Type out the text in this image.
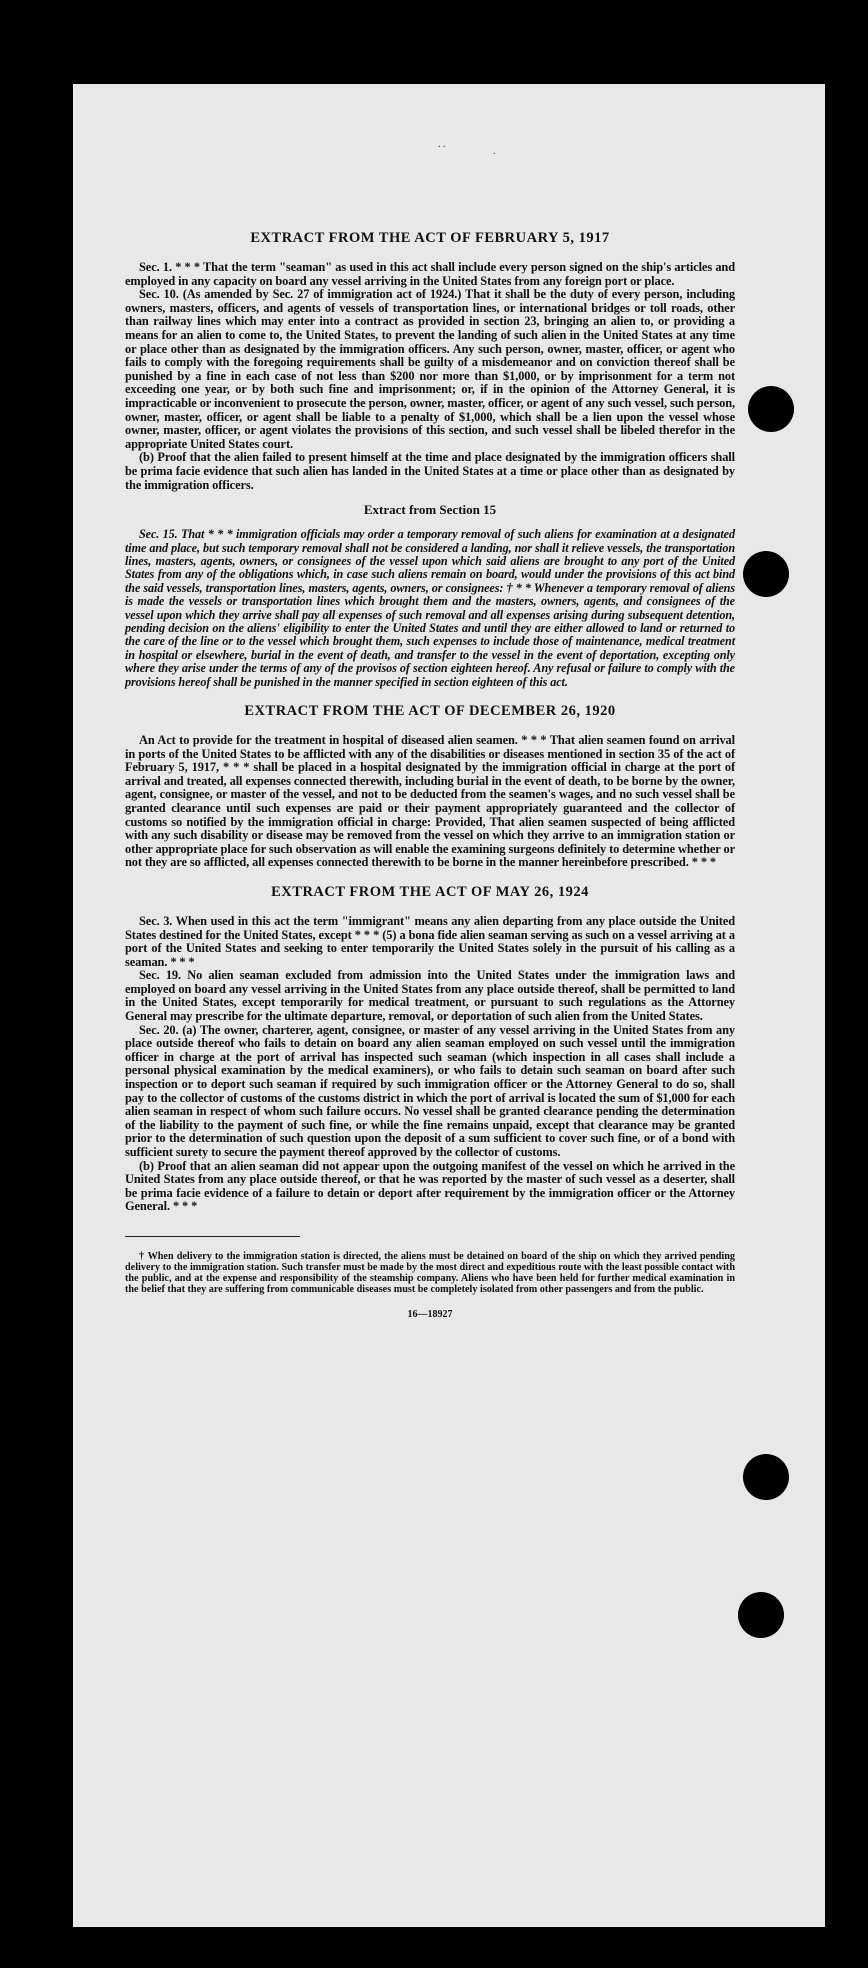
. .
.
EXTRACT FROM THE ACT OF FEBRUARY 5, 1917

Sec. 1. * * * That the term "seaman" as used in this act shall include every person signed on the ship's articles and employed in any capacity on board any vessel arriving in the United States from any foreign port or place.

Sec. 10. (As amended by Sec. 27 of immigration act of 1924.) That it shall be the duty of every person, including owners, masters, officers, and agents of vessels of transportation lines, or international bridges or toll roads, other than railway lines which may enter into a contract as provided in section 23, bringing an alien to, or providing a means for an alien to come to, the United States, to prevent the landing of such alien in the United States at any time or place other than as designated by the immigration officers. Any such person, owner, master, officer, or agent who fails to comply with the foregoing requirements shall be guilty of a misdemeanor and on conviction thereof shall be punished by a fine in each case of not less than $200 nor more than $1,000, or by imprisonment for a term not exceeding one year, or by both such fine and imprisonment; or, if in the opinion of the Attorney General, it is impracticable or inconvenient to prosecute the person, owner, master, officer, or agent of any such vessel, such person, owner, master, officer, or agent shall be liable to a penalty of $1,000, which shall be a lien upon the vessel whose owner, master, officer, or agent violates the provisions of this section, and such vessel shall be libeled therefor in the appropriate United States court.

(b) Proof that the alien failed to present himself at the time and place designated by the immigration officers shall be prima facie evidence that such alien has landed in the United States at a time or place other than as designated by the immigration officers.

Extract from Section 15

Sec. 15. That * * * immigration officials may order a temporary removal of such aliens for examination at a designated time and place, but such temporary removal shall not be considered a landing, nor shall it relieve vessels, the transportation lines, masters, agents, owners, or consignees of the vessel upon which said aliens are brought to any port of the United States from any of the obligations which, in case such aliens remain on board, would under the provisions of this act bind the said vessels, transportation lines, masters, agents, owners, or consignees: † * * Whenever a temporary removal of aliens is made the vessels or transportation lines which brought them and the masters, owners, agents, and consignees of the vessel upon which they arrive shall pay all expenses of such removal and all expenses arising during subsequent detention, pending decision on the aliens' eligibility to enter the United States and until they are either allowed to land or returned to the care of the line or to the vessel which brought them, such expenses to include those of maintenance, medical treatment in hospital or elsewhere, burial in the event of death, and transfer to the vessel in the event of deportation, excepting only where they arise under the terms of any of the provisos of section eighteen hereof. Any refusal or failure to comply with the provisions hereof shall be punished in the manner specified in section eighteen of this act.

EXTRACT FROM THE ACT OF DECEMBER 26, 1920

An Act to provide for the treatment in hospital of diseased alien seamen. * * * That alien seamen found on arrival in ports of the United States to be afflicted with any of the disabilities or diseases mentioned in section 35 of the act of February 5, 1917, * * * shall be placed in a hospital designated by the immigration official in charge at the port of arrival and treated, all expenses connected therewith, including burial in the event of death, to be borne by the owner, agent, consignee, or master of the vessel, and not to be deducted from the seamen's wages, and no such vessel shall be granted clearance until such expenses are paid or their payment appropriately guaranteed and the collector of customs so notified by the immigration official in charge: Provided, That alien seamen suspected of being afflicted with any such disability or disease may be removed from the vessel on which they arrive to an immigration station or other appropriate place for such observation as will enable the examining surgeons definitely to determine whether or not they are so afflicted, all expenses connected therewith to be borne in the manner hereinbefore prescribed. * * *

EXTRACT FROM THE ACT OF MAY 26, 1924

Sec. 3. When used in this act the term "immigrant" means any alien departing from any place outside the United States destined for the United States, except * * * (5) a bona fide alien seaman serving as such on a vessel arriving at a port of the United States and seeking to enter temporarily the United States solely in the pursuit of his calling as a seaman. * * *

Sec. 19. No alien seaman excluded from admission into the United States under the immigration laws and employed on board any vessel arriving in the United States from any place outside thereof, shall be permitted to land in the United States, except temporarily for medical treatment, or pursuant to such regulations as the Attorney General may prescribe for the ultimate departure, removal, or deportation of such alien from the United States.

Sec. 20. (a) The owner, charterer, agent, consignee, or master of any vessel arriving in the United States from any place outside thereof who fails to detain on board any alien seaman employed on such vessel until the immigration officer in charge at the port of arrival has inspected such seaman (which inspection in all cases shall include a personal physical examination by the medical examiners), or who fails to detain such seaman on board after such inspection or to deport such seaman if required by such immigration officer or the Attorney General to do so, shall pay to the collector of customs of the customs district in which the port of arrival is located the sum of $1,000 for each alien seaman in respect of whom such failure occurs. No vessel shall be granted clearance pending the determination of the liability to the payment of such fine, or while the fine remains unpaid, except that clearance may be granted prior to the determination of such question upon the deposit of a sum sufficient to cover such fine, or of a bond with sufficient surety to secure the payment thereof approved by the collector of customs.

(b) Proof that an alien seaman did not appear upon the outgoing manifest of the vessel on which he arrived in the United States from any place outside thereof, or that he was reported by the master of such vessel as a deserter, shall be prima facie evidence of a failure to detain or deport after requirement by the immigration officer or the Attorney General. * * *

† When delivery to the immigration station is directed, the aliens must be detained on board of the ship on which they arrived pending delivery to the immigration station. Such transfer must be made by the most direct and expeditious route with the least possible contact with the public, and at the expense and responsibility of the steamship company. Aliens who have been held for further medical examination in the belief that they are suffering from communicable diseases must be completely isolated from other passengers and from the public.

16—18927
